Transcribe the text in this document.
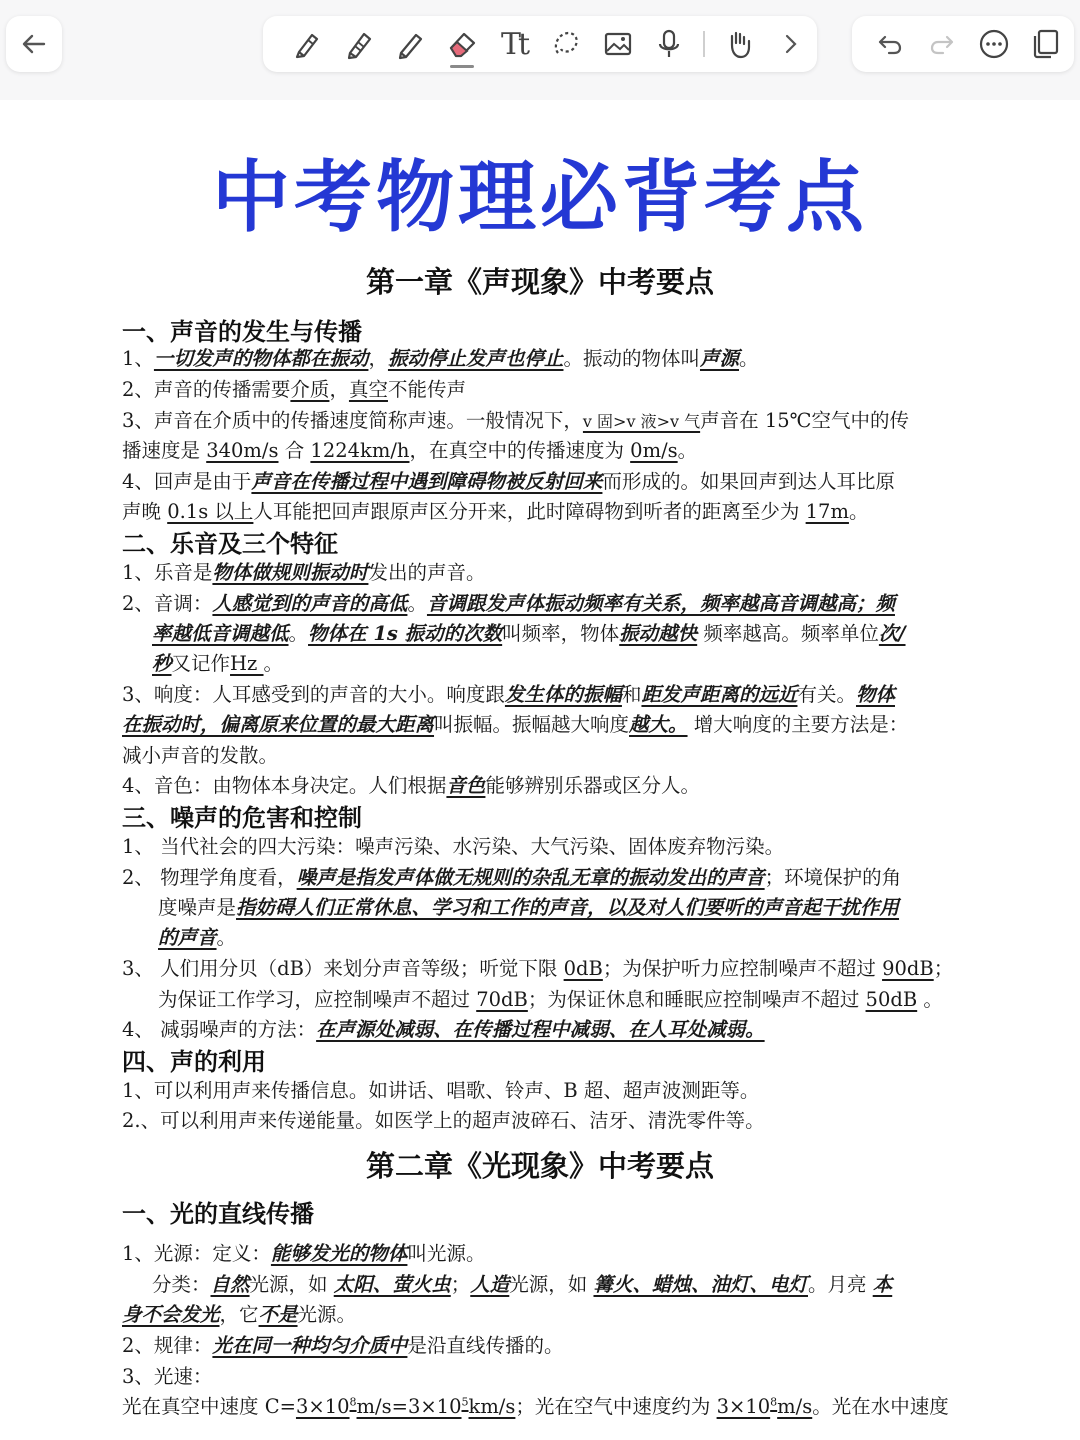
Tt
中考物理必背考点
第一章《声现象》中考要点
一、声音的发生与传播
1、一切发声的物体都在振动，振动停止发声也停止。振动的物体叫声源。
2、声音的传播需要介质，真空不能传声
3、声音在介质中的传播速度简称声速。一般情况下，v 固>v 液>v 气声音在 15℃空气中的传
播速度是 340m/s 合 1224km/h，在真空中的传播速度为 0m/s。
4、回声是由于声音在传播过程中遇到障碍物被反射回来而形成的。如果回声到达人耳比原
声晚 0.1s 以上人耳能把回声跟原声区分开来，此时障碍物到听者的距离至少为 17m。
二、乐音及三个特征
1、乐音是物体做规则振动时发出的声音。
2、音调：人感觉到的声音的高低。音调跟发声体振动频率有关系，频率越高音调越高；频
率越低音调越低。物体在 1s 振动的次数叫频率，物体振动越快 频率越高。频率单位次/
秒又记作Hz 。
3、响度：人耳感受到的声音的大小。响度跟发生体的振幅和距发声距离的远近有关。物体
在振动时，偏离原来位置的最大距离叫振幅。振幅越大响度越大。 增大响度的主要方法是：
减小声音的发散。
4、音色：由物体本身决定。人们根据音色能够辨别乐器或区分人。
三、噪声的危害和控制
1、 当代社会的四大污染：噪声污染、水污染、大气污染、固体废弃物污染。
2、 物理学角度看，噪声是指发声体做无规则的杂乱无章的振动发出的声音；环境保护的角
度噪声是指妨碍人们正常休息、学习和工作的声音，以及对人们要听的声音起干扰作用
的声音。
3、 人们用分贝（dB）来划分声音等级；听觉下限 0dB；为保护听力应控制噪声不超过 90dB；
为保证工作学习，应控制噪声不超过 70dB；为保证休息和睡眠应控制噪声不超过 50dB 。
4、 减弱噪声的方法：在声源处减弱、在传播过程中减弱、在人耳处减弱。
四、声的利用
1、可以利用声来传播信息。如讲话、唱歌、铃声、B 超、超声波测距等。
2.、可以利用声来传递能量。如医学上的超声波碎石、洁牙、清洗零件等。
第二章《光现象》中考要点
一、光的直线传播
1、光源：定义：能够发光的物体叫光源。
分类：自然光源，如 太阳、萤火虫；人造光源，如 篝火、蜡烛、油灯、电灯。月亮 本
身不会发光，它不是光源。
2、规律：光在同一种均匀介质中是沿直线传播的。
3、光速：
光在真空中速度 $C=3\times 10^8m/s=3\times 10^5km/s$；光在空气中速度约为 $3\times 10^8m/s$。光在水中速度
